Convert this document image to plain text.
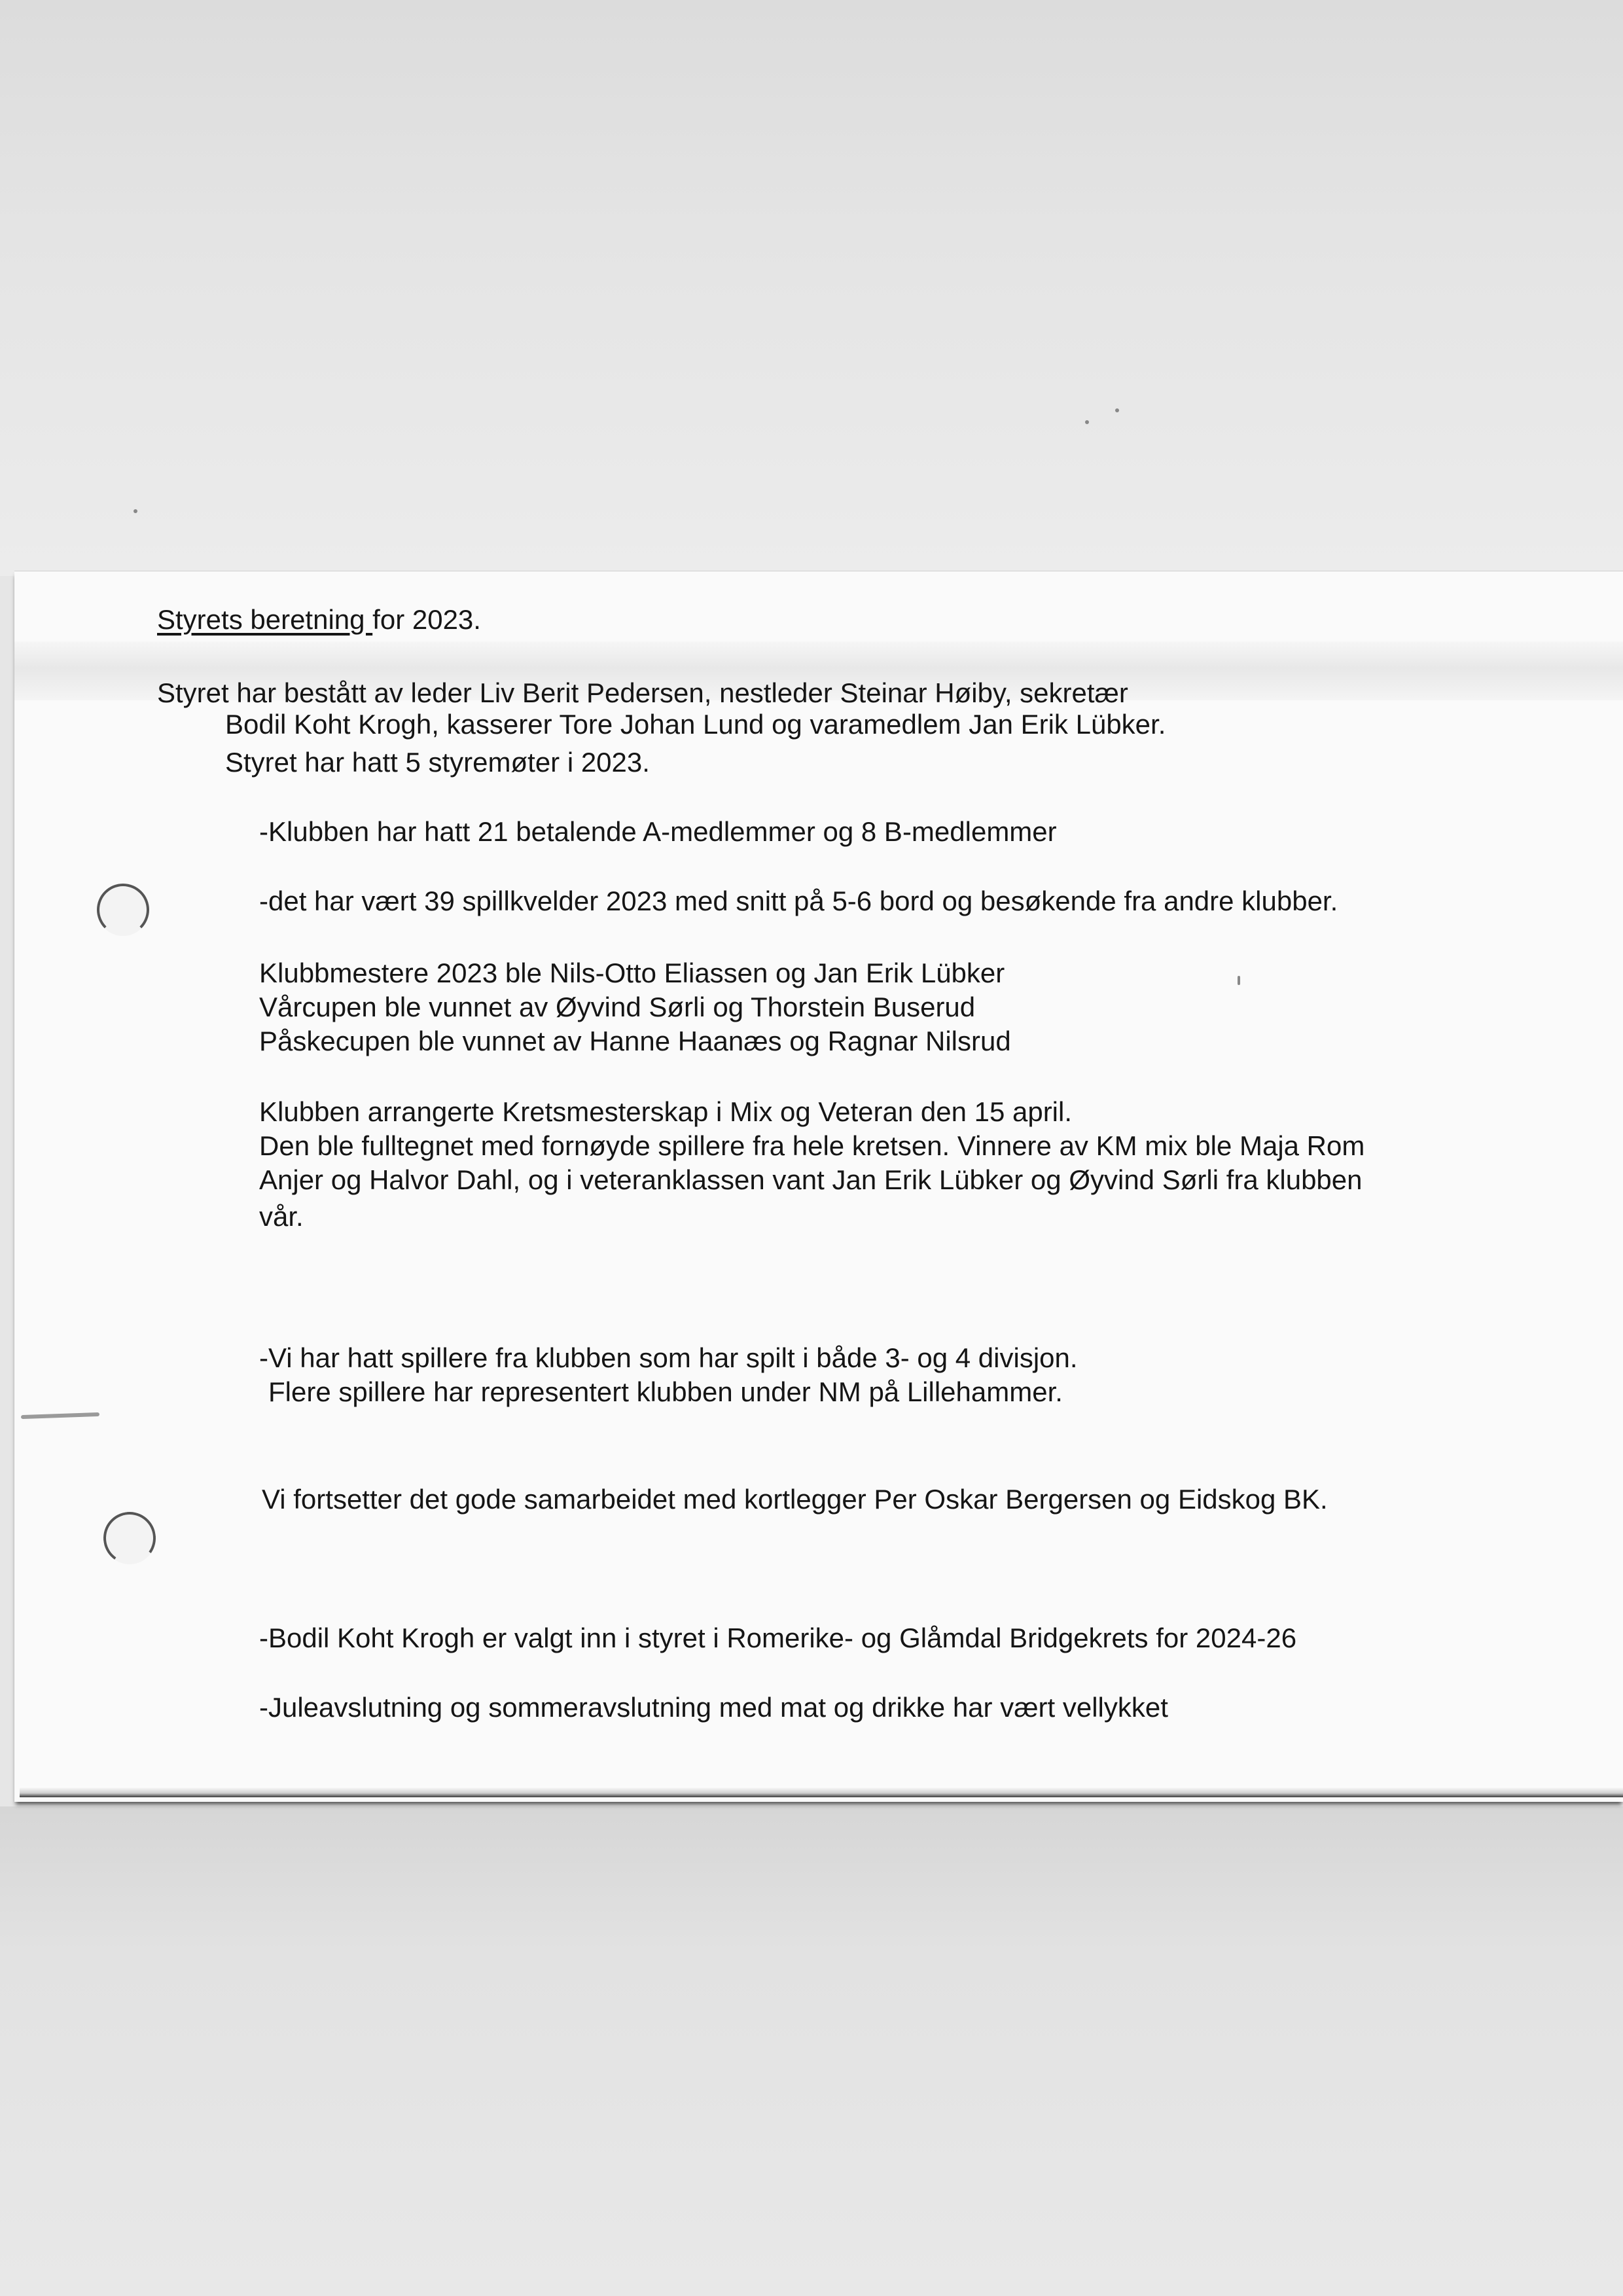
Styrets beretning for 2023.
Styret har bestått av leder Liv Berit Pedersen, nestleder Steinar Høiby, sekretær
Bodil Koht Krogh, kasserer Tore Johan Lund og varamedlem Jan Erik Lübker.
Styret har hatt 5 styremøter i 2023.
-Klubben har hatt 21 betalende A-medlemmer og 8 B-medlemmer
-det har vært 39 spillkvelder 2023 med snitt på 5-6 bord og besøkende fra andre klubber.
Klubbmestere 2023 ble Nils-Otto Eliassen og Jan Erik Lübker
Vårcupen ble vunnet av Øyvind Sørli og Thorstein Buserud
Påskecupen ble vunnet av Hanne Haanæs og Ragnar Nilsrud
Klubben arrangerte Kretsmesterskap i Mix og Veteran den 15 april.
Den ble fulltegnet med fornøyde spillere fra hele kretsen. Vinnere av KM mix ble Maja Rom
Anjer og Halvor Dahl, og i veteranklassen vant Jan Erik Lübker og Øyvind Sørli fra klubben
vår.
-Vi har hatt spillere fra klubben som har spilt i både 3- og 4 divisjon.
Flere spillere har representert klubben under NM på Lillehammer.
Vi fortsetter det gode samarbeidet med kortlegger Per Oskar Bergersen og Eidskog BK.
-Bodil Koht Krogh er valgt inn i styret i Romerike- og Glåmdal Bridgekrets for 2024-26
-Juleavslutning og sommeravslutning med mat og drikke har vært vellykket
